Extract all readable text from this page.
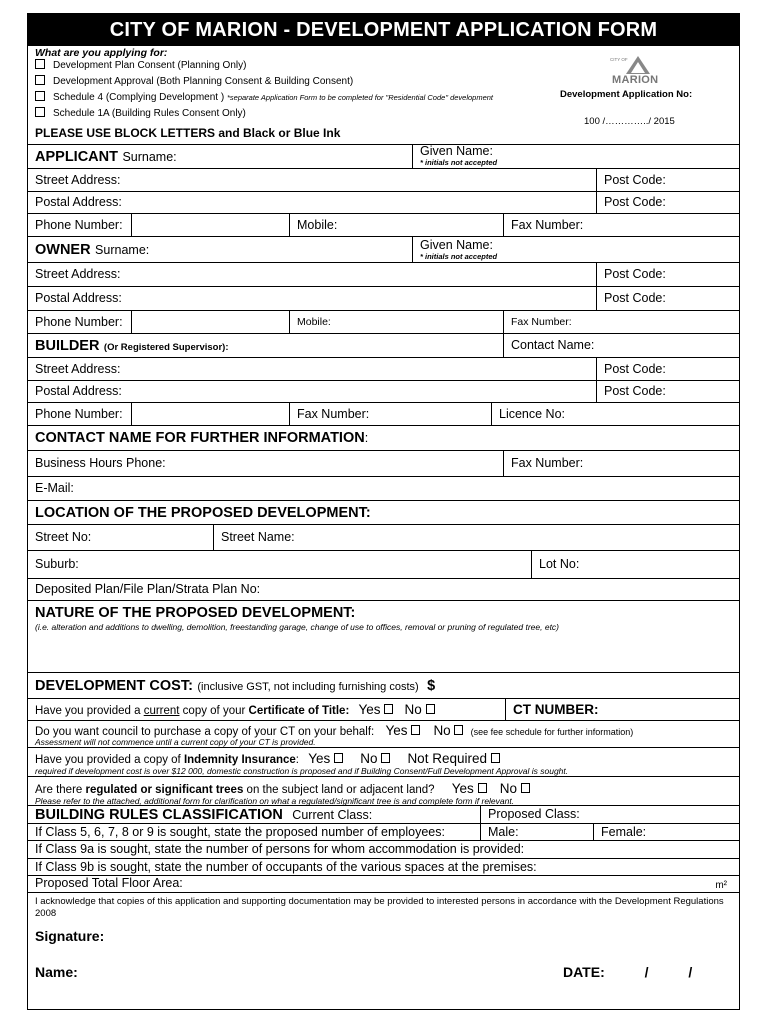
CITY OF MARION - DEVELOPMENT APPLICATION FORM
What are you applying for:
Development Plan Consent (Planning Only)
Development Approval (Both Planning Consent & Building Consent)
Schedule 4 (Complying Development ) *separate Application Form to be completed for "Residential Code" development
Schedule 1A (Building Rules Consent Only)
PLEASE USE BLOCK LETTERS and Black or Blue Ink
CITY OF
MARION
Development Application No:
100 /…………../ 2015
APPLICANT Surname:	Given Name:
* initials not accepted
Street Address:	Post Code:
Postal Address:	Post Code:
Phone Number:	Mobile:	Fax Number:
OWNER Surname:	Given Name:
* initials not accepted
Street Address:	Post Code:
Postal Address:	Post Code:
Phone Number:	Mobile:	Fax Number:
BUILDER (Or Registered Supervisor):	Contact Name:
Street Address:	Post Code:
Postal Address:	Post Code:
Phone Number:	Fax Number:	Licence No:
CONTACT NAME FOR FURTHER INFORMATION:
Business Hours Phone:	Fax Number:
E-Mail:
LOCATION OF THE PROPOSED DEVELOPMENT:
Street No:	Street Name:
Suburb:	Lot No:
Deposited Plan/File Plan/Strata Plan No:
NATURE OF THE PROPOSED DEVELOPMENT:
(i.e. alteration and additions to dwelling, demolition, freestanding garage, change of use to offices, removal or pruning of regulated tree, etc)
DEVELOPMENT COST: (inclusive GST, not including furnishing costs) $
Have you provided a current copy of your Certificate of Title: Yes No	CT NUMBER:
Do you want council to purchase a copy of your CT on your behalf: Yes No (see fee schedule for further information)
Assessment will not commence until a current copy of your CT is provided.
Have you provided a copy of Indemnity Insurance: Yes No Not Required
required if development cost is over $12 000, domestic construction is proposed and if Building Consent/Full Development Approval is sought.
Are there regulated or significant trees on the subject land or adjacent land? Yes No
Please refer to the attached, additional form for clarification on what a regulated/significant tree is and complete form if relevant.
BUILDING RULES CLASSIFICATION Current Class:	Proposed Class:
If Class 5, 6, 7, 8 or 9 is sought, state the proposed number of employees:	Male:	Female:
If Class 9a is sought, state the number of persons for whom accommodation is provided:
If Class 9b is sought, state the number of occupants of the various spaces at the premises:
Proposed Total Floor Area:	m²
I acknowledge that copies of this application and supporting documentation may be provided to interested persons in accordance with the Development Regulations 2008
Signature:
Name:	DATE:	/	/
